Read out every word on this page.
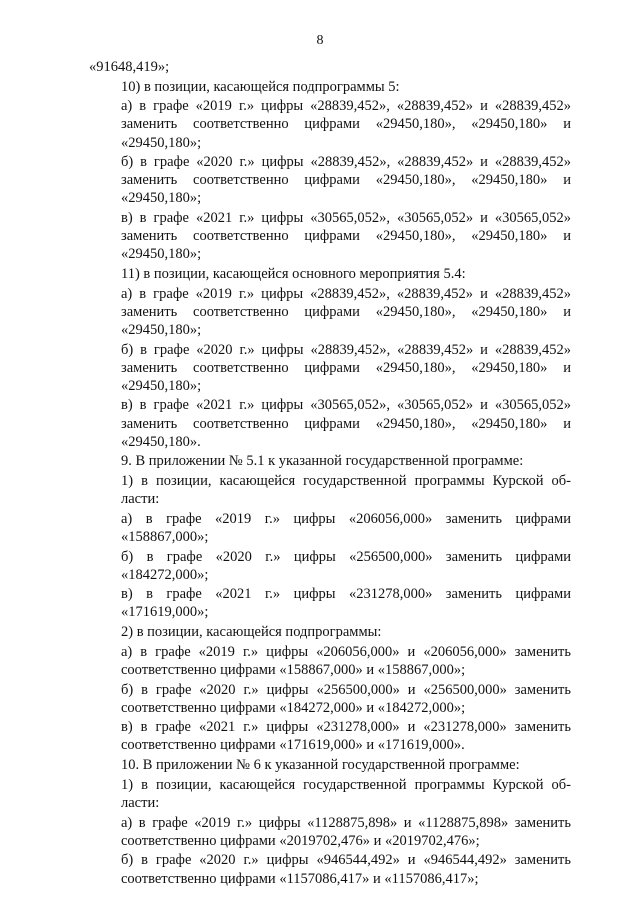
8
«91648,419»;
10) в позиции, касающейся подпрограммы 5:
а) в графе «2019 г.» цифры «28839,452», «28839,452» и «28839,452»
заменить соответственно цифрами «29450,180», «29450,180» и
«29450,180»;
б) в графе «2020 г.» цифры «28839,452», «28839,452» и «28839,452»
заменить соответственно цифрами «29450,180», «29450,180» и
«29450,180»;
в) в графе «2021 г.» цифры «30565,052», «30565,052» и «30565,052»
заменить соответственно цифрами «29450,180», «29450,180» и
«29450,180»;
11) в позиции, касающейся основного мероприятия 5.4:
а) в графе «2019 г.» цифры «28839,452», «28839,452» и «28839,452»
заменить соответственно цифрами «29450,180», «29450,180» и
«29450,180»;
б) в графе «2020 г.» цифры «28839,452», «28839,452» и «28839,452»
заменить соответственно цифрами «29450,180», «29450,180» и
«29450,180»;
в) в графе «2021 г.» цифры «30565,052», «30565,052» и «30565,052»
заменить соответственно цифрами «29450,180», «29450,180» и
«29450,180».
9. В приложении № 5.1 к указанной государственной программе:
1) в позиции, касающейся государственной программы Курской об-
ласти:
а) в графе «2019 г.» цифры «206056,000» заменить цифрами
«158867,000»;
б) в графе «2020 г.» цифры «256500,000» заменить цифрами
«184272,000»;
в) в графе «2021 г.» цифры «231278,000» заменить цифрами
«171619,000»;
2) в позиции, касающейся подпрограммы:
а) в графе «2019 г.» цифры «206056,000» и «206056,000» заменить
соответственно цифрами «158867,000» и «158867,000»;
б) в графе «2020 г.» цифры «256500,000» и «256500,000» заменить
соответственно цифрами «184272,000» и «184272,000»;
в) в графе «2021 г.» цифры «231278,000» и «231278,000» заменить
соответственно цифрами «171619,000» и «171619,000».
10. В приложении № 6 к указанной государственной программе:
1) в позиции, касающейся государственной программы Курской об-
ласти:
а) в графе «2019 г.» цифры «1128875,898» и «1128875,898» заменить
соответственно цифрами «2019702,476» и «2019702,476»;
б) в графе «2020 г.» цифры «946544,492» и «946544,492» заменить
соответственно цифрами «1157086,417» и «1157086,417»;
